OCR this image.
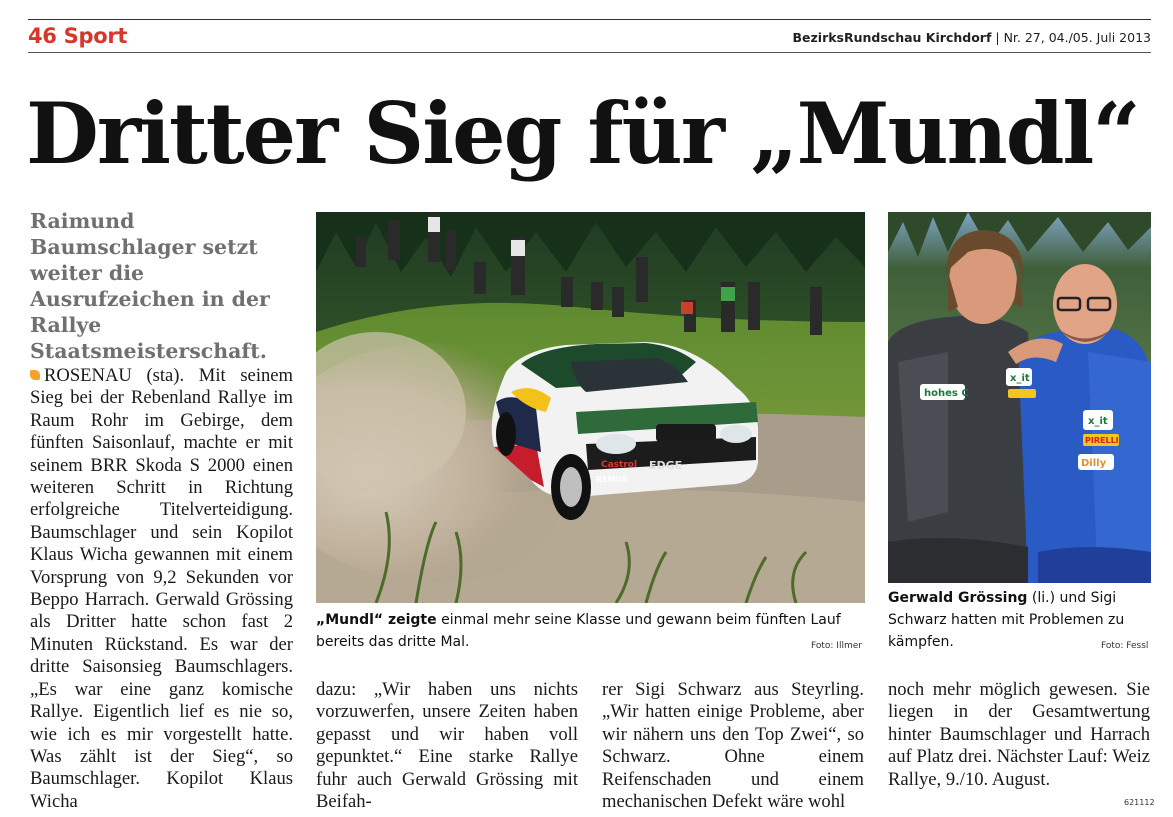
46 Sport	BezirksRundschau Kirchdorf | Nr. 27, 04./05. Juli 2013
Dritter Sieg für „Mundl“
Raimund Baumschlager setzt weiter die Ausrufzeichen in der Rallye Staatsmeisterschaft.
ROSENAU (sta). Mit seinem Sieg bei der Rebenland Rallye im Raum Rohr im Gebirge, dem fünften Saisonlauf, machte er mit seinem BRR Skoda S 2000 einen weiteren Schritt in Richtung erfolgreiche Titelverteidigung. Baumschlager und sein Kopilot Klaus Wicha gewannen mit einem Vorsprung von 9,2 Sekunden vor Beppo Harrach. Gerwald Grössing als Dritter hatte schon fast 2 Minuten Rückstand. Es war der dritte Saisonsieg Baumschlagers. „Es war eine ganz komische Rallye. Eigentlich lief es nie so, wie ich es mir vorgestellt hatte. Was zählt ist der Sieg“, so Baumschlager. Kopilot Klaus Wicha
dazu: „Wir haben uns nichts vorzuwerfen, unsere Zeiten haben gepasst und wir haben voll gepunktet.“ Eine starke Rallye fuhr auch Gerwald Grössing mit Beifah-
rer Sigi Schwarz aus Steyrling. „Wir hatten einige Probleme, aber wir nähern uns den Top Zwei“, so Schwarz. Ohne einem Reifenschaden und einem mechanischen Defekt wäre wohl
noch mehr möglich gewesen. Sie liegen in der Gesamtwertung hinter Baumschlager und Harrach auf Platz drei. Nächster Lauf: Weiz Rallye, 9./10. August.
Castrol EDGE
REMUS
hohes C
x_it
x_it
PIRELLI
Dilly
„Mundl“ zeigte einmal mehr seine Klasse und gewann beim fünften Lauf bereits das dritte Mal.	Foto: Illmer
Gerwald Grössing (li.) und Sigi Schwarz hatten mit Problemen zu kämpfen.	Foto: Fessl
621112
